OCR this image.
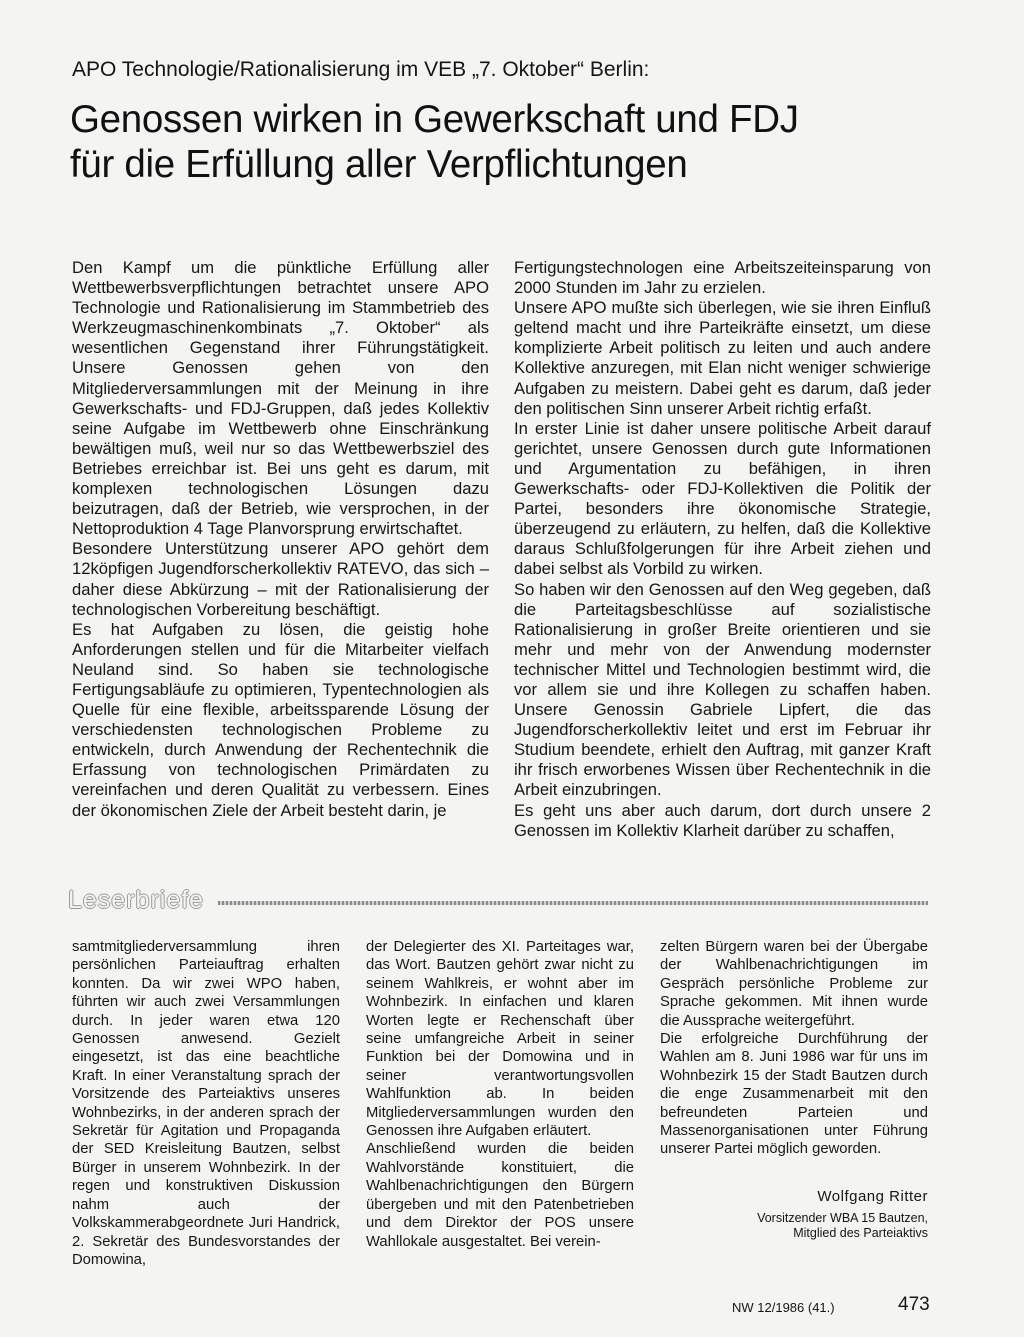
APO Technologie/Rationalisierung im VEB „7. Oktober“ Berlin:
Genossen wirken in Gewerkschaft und FDJ
für die Erfüllung aller Verpflichtungen

Den Kampf um die pünktliche Erfüllung aller Wettbewerbsverpflichtungen betrachtet unsere APO Technologie und Rationalisierung im Stammbetrieb des Werkzeugmaschinenkombinats „7. Oktober“ als wesentlichen Gegenstand ihrer Führungstätigkeit. Unsere Genossen gehen von den Mitgliederversammlungen mit der Meinung in ihre Gewerkschafts- und FDJ-Gruppen, daß jedes Kollektiv seine Aufgabe im Wettbewerb ohne Einschränkung bewältigen muß, weil nur so das Wettbewerbsziel des Betriebes erreichbar ist. Bei uns geht es darum, mit komplexen technologischen Lösungen dazu beizutragen, daß der Betrieb, wie versprochen, in der Nettoproduktion 4 Tage Planvorsprung erwirtschaftet.

Besondere Unterstützung unserer APO gehört dem 12köpfigen Jugendforscherkollektiv RATEVO, das sich – daher diese Abkürzung – mit der Rationalisierung der technologischen Vorbereitung beschäftigt.

Es hat Aufgaben zu lösen, die geistig hohe Anforderungen stellen und für die Mitarbeiter vielfach Neuland sind. So haben sie technologische Fertigungsabläufe zu optimieren, Typentechnologien als Quelle für eine flexible, arbeitssparende Lösung der verschiedensten technologischen Probleme zu entwickeln, durch Anwendung der Rechentechnik die Erfassung von technologischen Primärdaten zu vereinfachen und deren Qualität zu verbessern. Eines der ökonomischen Ziele der Arbeit besteht darin, je

Fertigungstechnologen eine Arbeitszeiteinsparung von 2000 Stunden im Jahr zu erzielen.

Unsere APO mußte sich überlegen, wie sie ihren Einfluß geltend macht und ihre Parteikräfte einsetzt, um diese komplizierte Arbeit politisch zu leiten und auch andere Kollektive anzuregen, mit Elan nicht weniger schwierige Aufgaben zu meistern. Dabei geht es darum, daß jeder den politischen Sinn unserer Arbeit richtig erfaßt.

In erster Linie ist daher unsere politische Arbeit darauf gerichtet, unsere Genossen durch gute Informationen und Argumentation zu befähigen, in ihren Gewerkschafts- oder FDJ-Kollektiven die Politik der Partei, besonders ihre ökonomische Strategie, überzeugend zu erläutern, zu helfen, daß die Kollektive daraus Schlußfolgerungen für ihre Arbeit ziehen und dabei selbst als Vorbild zu wirken.

So haben wir den Genossen auf den Weg gegeben, daß die Parteitagsbeschlüsse auf sozialistische Rationalisierung in großer Breite orientieren und sie mehr und mehr von der Anwendung modernster technischer Mittel und Technologien bestimmt wird, die vor allem sie und ihre Kollegen zu schaffen haben. Unsere Genossin Gabriele Lipfert, die das Jugendforscherkollektiv leitet und erst im Februar ihr Studium beendete, erhielt den Auftrag, mit ganzer Kraft ihr frisch erworbenes Wissen über Rechentechnik in die Arbeit einzubringen.

Es geht uns aber auch darum, dort durch unsere 2 Genossen im Kollektiv Klarheit darüber zu schaffen,

Leserbriefe

samtmitgliederversammlung ihren persönlichen Parteiauftrag erhalten konnten. Da wir zwei WPO haben, führten wir auch zwei Versammlungen durch. In jeder waren etwa 120 Genossen anwesend. Gezielt eingesetzt, ist das eine beachtliche Kraft. In einer Veranstaltung sprach der Vorsitzende des Parteiaktivs unseres Wohnbezirks, in der anderen sprach der Sekretär für Agitation und Propaganda der SED Kreisleitung Bautzen, selbst Bürger in unserem Wohnbezirk. In der regen und konstruktiven Diskussion nahm auch der Volkskammerabgeordnete Juri Handrick, 2. Sekretär des Bundesvorstandes der Domowina,

der Delegierter des XI. Parteitages war, das Wort. Bautzen gehört zwar nicht zu seinem Wahlkreis, er wohnt aber im Wohnbezirk. In einfachen und klaren Worten legte er Rechenschaft über seine umfangreiche Arbeit in seiner Funktion bei der Domowina und in seiner verantwortungsvollen Wahlfunktion ab. In beiden Mitgliederversammlungen wurden den Genossen ihre Aufgaben erläutert.

Anschließend wurden die beiden Wahlvorstände konstituiert, die Wahlbenachrichtigungen den Bürgern übergeben und mit den Patenbetrieben und dem Direktor der POS unsere Wahllokale ausgestaltet. Bei verein-

zelten Bürgern waren bei der Übergabe der Wahlbenachrichtigungen im Gespräch persönliche Probleme zur Sprache gekommen. Mit ihnen wurde die Aussprache weitergeführt.

Die erfolgreiche Durchführung der Wahlen am 8. Juni 1986 war für uns im Wohnbezirk 15 der Stadt Bautzen durch die enge Zusammenarbeit mit den befreundeten Parteien und Massenorganisationen unter Führung unserer Partei möglich geworden.

Wolfgang Ritter
Vorsitzender WBA 15 Bautzen,
Mitglied des Parteiaktivs
NW 12/1986 (41.)	473
